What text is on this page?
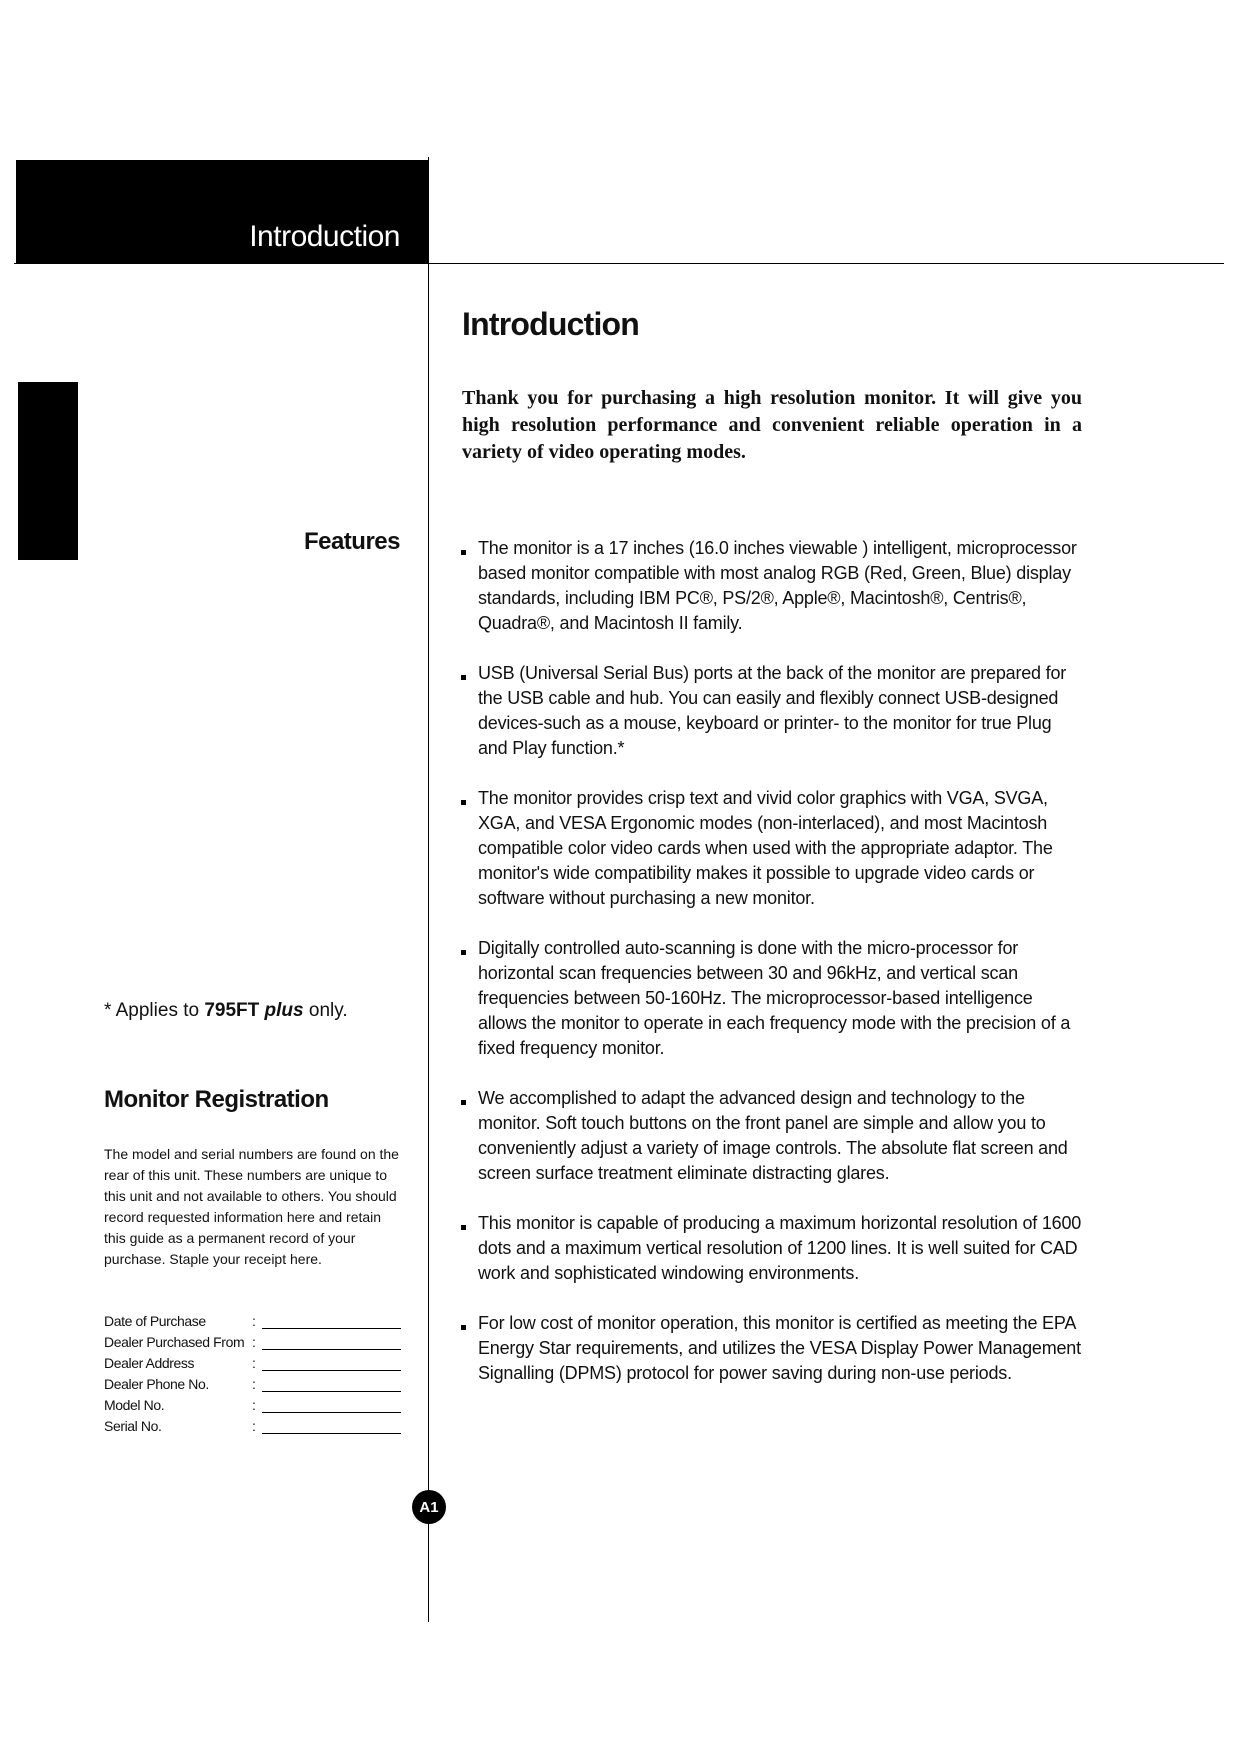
Introduction
Introduction

Thank you for purchasing a high resolution monitor. It will give you high resolution performance and convenient reliable operation in a variety of video operating modes.

Features	The monitor is a 17 inches (16.0 inches viewable ) intelligent, microprocessor based monitor compatible with most analog RGB (Red, Green, Blue) display standards, including IBM PC®, PS/2®, Apple®, Macintosh®, Centris®, Quadra®, and Macintosh II family.
USB (Universal Serial Bus) ports at the back of the monitor are prepared for the USB cable and hub. You can easily and flexibly connect USB-designed devices-such as a mouse, keyboard or printer- to the monitor for true Plug and Play function.*
The monitor provides crisp text and vivid color graphics with VGA, SVGA, XGA, and VESA Ergonomic modes (non-interlaced), and most Macintosh compatible color video cards when used with the appropriate adaptor. The monitor's wide compatibility makes it possible to upgrade video cards or software without purchasing a new monitor.
Digitally controlled auto-scanning is done with the micro-processor for horizontal scan frequencies between 30 and 96kHz, and vertical scan frequencies between 50-160Hz. The microprocessor-based intelligence allows the monitor to operate in each frequency mode with the precision of a fixed frequency monitor.
We accomplished to adapt the advanced design and technology to the monitor. Soft touch buttons on the front panel are simple and allow you to conveniently adjust a variety of image controls. The absolute flat screen and screen surface treatment eliminate distracting glares.
This monitor is capable of producing a maximum horizontal resolution of 1600 dots and a maximum vertical resolution of 1200 lines. It is well suited for CAD work and sophisticated windowing environments.
For low cost of monitor operation, this monitor is certified as meeting the EPA Energy Star requirements, and utilizes the VESA Display Power Management Signalling (DPMS) protocol for power saving during non-use periods.

* Applies to 795FT plus only.

Monitor Registration

The model and serial numbers are found on the rear of this unit. These numbers are unique to this unit and not available to others. You should record requested information here and retain this guide as a permanent record of your purchase. Staple your receipt here.

Date of Purchase	:
Dealer Purchased From :
Dealer Address	:
Dealer Phone No.	:
Model No.	:
Serial No.	:
A1
